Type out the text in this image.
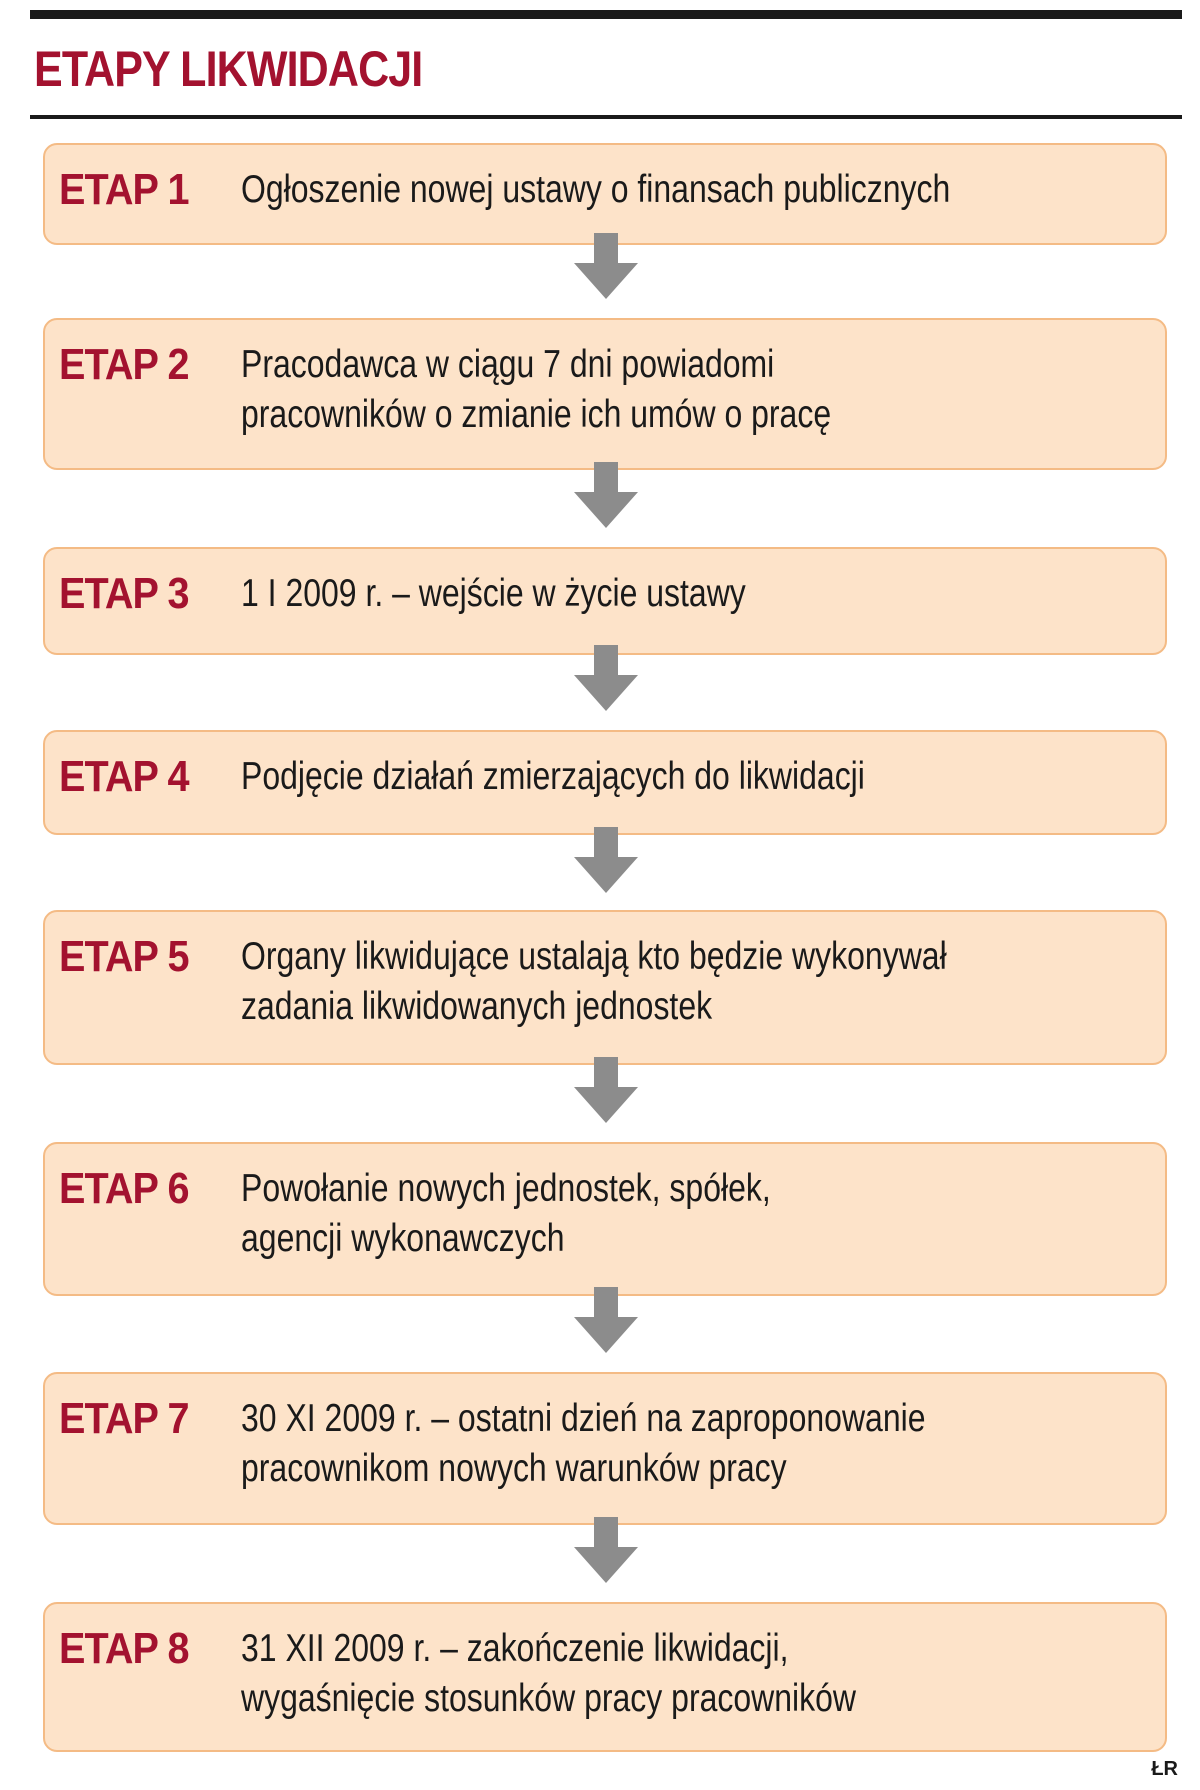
ETAPY LIKWIDACJI
ETAP 1 Ogłoszenie nowej ustawy o finansach publicznych
ETAP 2 Pracodawca w ciągu 7 dni powiadomi
pracowników o zmianie ich umów o pracę
ETAP 3 1 I 2009 r. – wejście w życie ustawy
ETAP 4 Podjęcie działań zmierzających do likwidacji
ETAP 5 Organy likwidujące ustalają kto będzie wykonywał
zadania likwidowanych jednostek
ETAP 6 Powołanie nowych jednostek, spółek,
agencji wykonawczych
ETAP 7 30 XI 2009 r. – ostatni dzień na zaproponowanie
pracownikom nowych warunków pracy
ETAP 8 31 XII 2009 r. – zakończenie likwidacji,
wygaśnięcie stosunków pracy pracowników
ŁR
